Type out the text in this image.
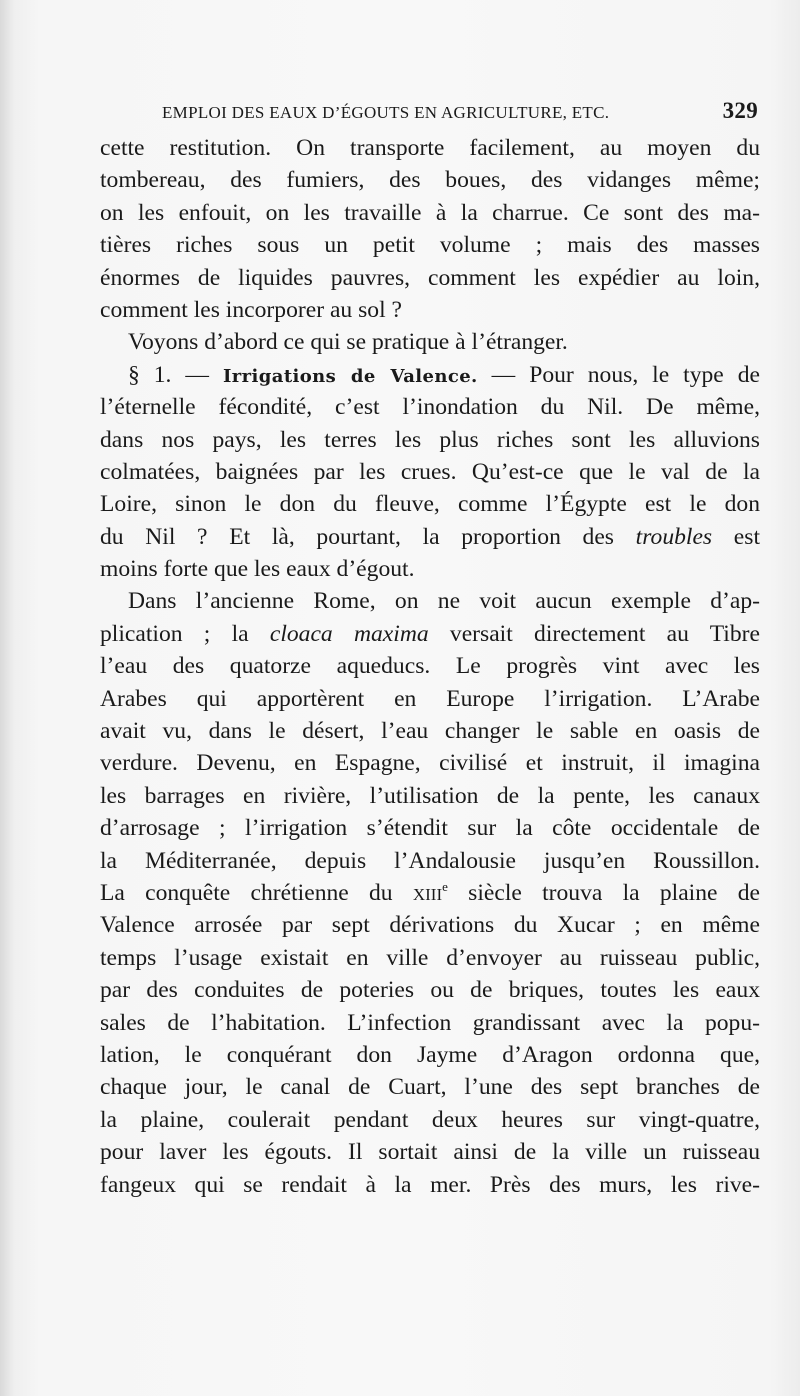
EMPLOI DES EAUX D’ÉGOUTS EN AGRICULTURE, ETC.	329
cette restitution. On transporte facilement, au moyen du
tombereau, des fumiers, des boues, des vidanges même;
on les enfouit, on les travaille à la charrue. Ce sont des ma-
tières riches sous un petit volume ; mais des masses
énormes de liquides pauvres, comment les expédier au loin,
comment les incorporer au sol ?
Voyons d’abord ce qui se pratique à l’étranger.
§ 1. — Irrigations de Valence. — Pour nous, le type de
l’éternelle fécondité, c’est l’inondation du Nil. De même,
dans nos pays, les terres les plus riches sont les alluvions
colmatées, baignées par les crues. Qu’est-ce que le val de la
Loire, sinon le don du fleuve, comme l’Égypte est le don
du Nil ? Et là, pourtant, la proportion des troubles est
moins forte que les eaux d’égout.
Dans l’ancienne Rome, on ne voit aucun exemple d’ap-
plication ; la cloaca maxima versait directement au Tibre
l’eau des quatorze aqueducs. Le progrès vint avec les
Arabes qui apportèrent en Europe l’irrigation. L’Arabe
avait vu, dans le désert, l’eau changer le sable en oasis de
verdure. Devenu, en Espagne, civilisé et instruit, il imagina
les barrages en rivière, l’utilisation de la pente, les canaux
d’arrosage ; l’irrigation s’étendit sur la côte occidentale de
la Méditerranée, depuis l’Andalousie jusqu’en Roussillon.
La conquête chrétienne du xiii$^e$ siècle trouva la plaine de
Valence arrosée par sept dérivations du Xucar ; en même
temps l’usage existait en ville d’envoyer au ruisseau public,
par des conduites de poteries ou de briques, toutes les eaux
sales de l’habitation. L’infection grandissant avec la popu-
lation, le conquérant don Jayme d’Aragon ordonna que,
chaque jour, le canal de Cuart, l’une des sept branches de
la plaine, coulerait pendant deux heures sur vingt-quatre,
pour laver les égouts. Il sortait ainsi de la ville un ruisseau
fangeux qui se rendait à la mer. Près des murs, les rive-
